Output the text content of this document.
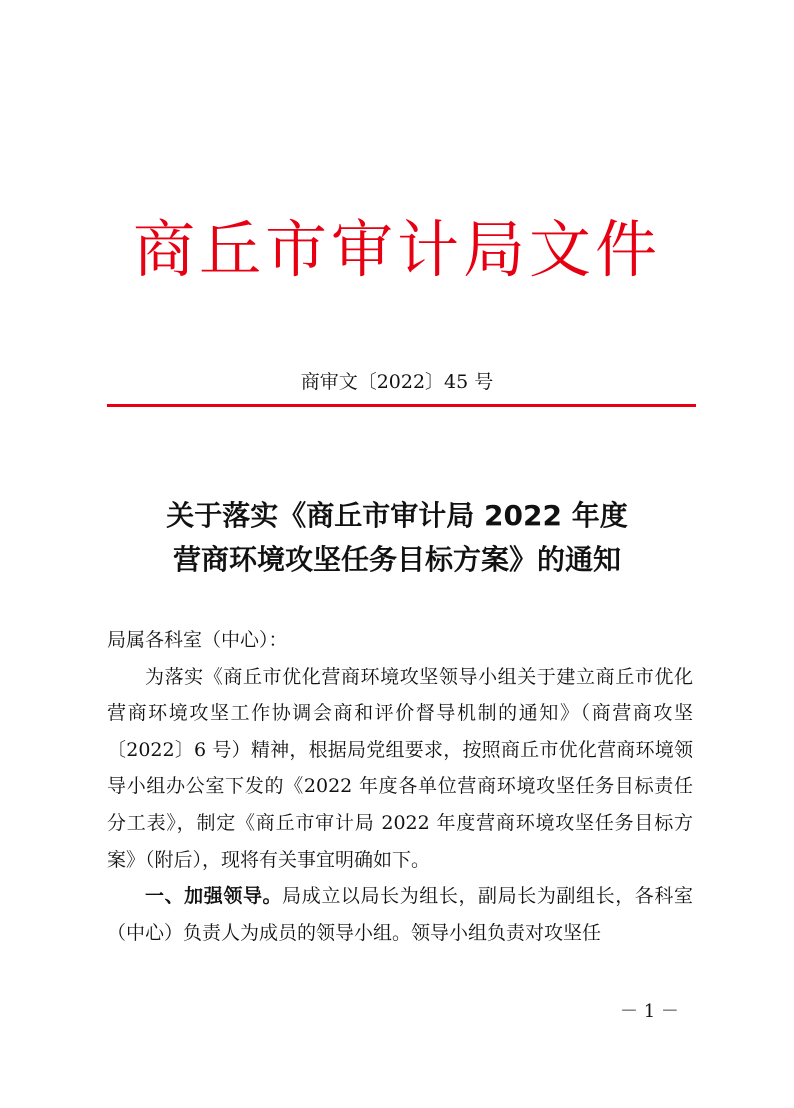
商丘市审计局文件
商审文〔2022〕45 号
关于落实《商丘市审计局 2022 年度
营商环境攻坚任务目标方案》的通知

局属各科室（中心）：

为落实《商丘市优化营商环境攻坚领导小组关于建立商丘市优化营商环境攻坚工作协调会商和评价督导机制的通知》（商营商攻坚〔2022〕6 号）精神，根据局党组要求，按照商丘市优化营商环境领导小组办公室下发的《2022 年度各单位营商环境攻坚任务目标责任分工表》，制定《商丘市审计局 2022 年度营商环境攻坚任务目标方案》（附后），现将有关事宜明确如下。

一、加强领导。局成立以局长为组长，副局长为副组长，各科室（中心）负责人为成员的领导小组。领导小组负责对攻坚任

－ 1 －
